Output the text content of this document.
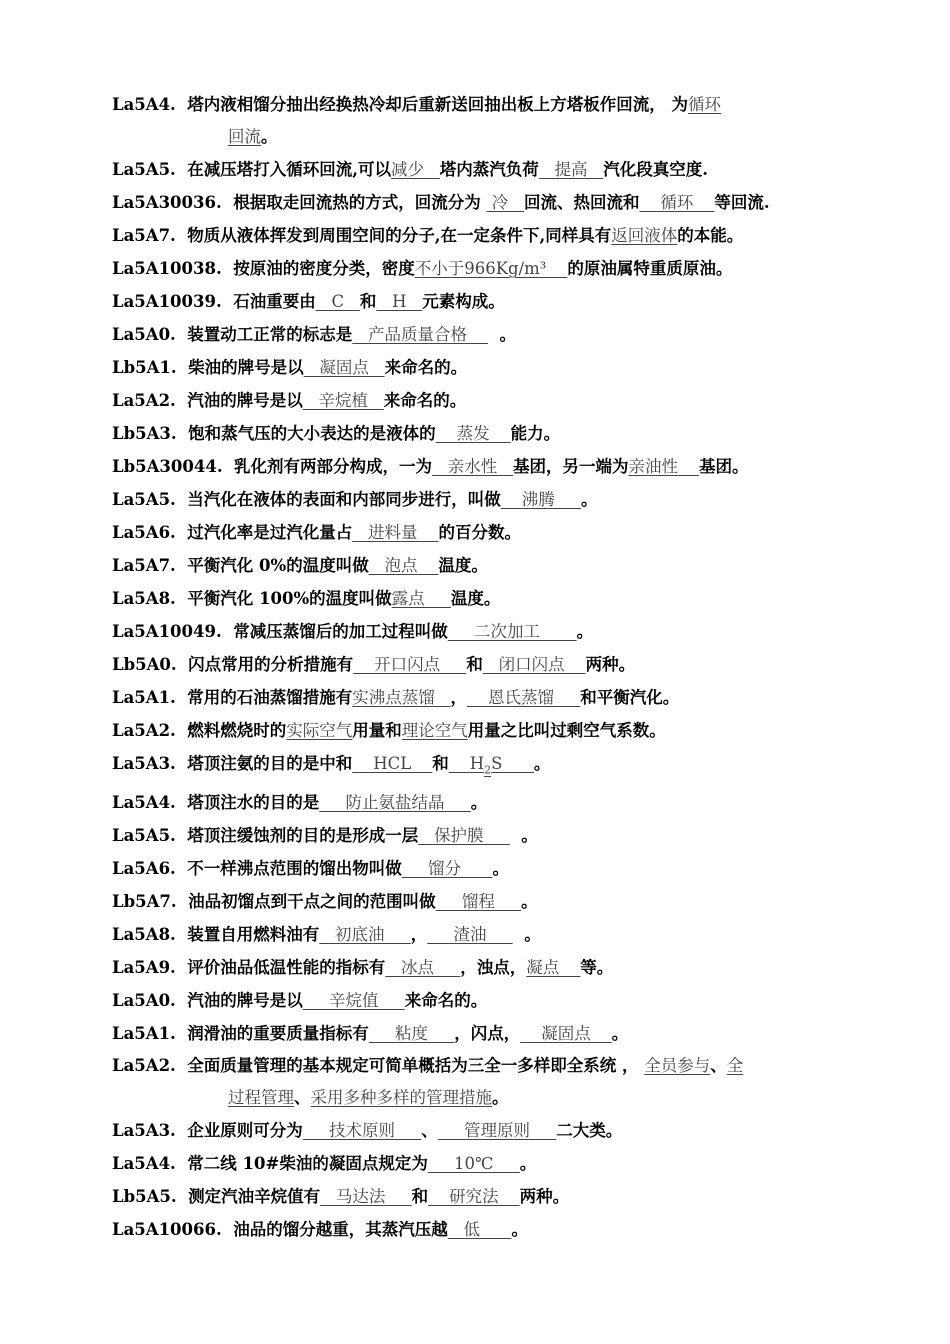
La5A4.  塔内液相馏分抽出经换热冷却后重新送回抽出板上方塔板作回流， 为循环
回流。
La5A5.  在减压塔打入循环回流,可以减少   塔内蒸汽负荷   提高   汽化段真空度.
La5A30036.  根据取走回流热的方式，回流分为  冷   回流、热回流和    循环    等回流.
La5A7.  物质从液体挥发到周围空间的分子,在一定条件下,同样具有返回液体的本能。
La5A10038.  按原油的密度分类，密度不小于966Kg/m³    的原油属特重质原油。
La5A10039.  石油重要由   C   和   H   元素构成。
La5A0.  装置动工正常的标志是   产品质量合格      。
Lb5A1.  柴油的牌号是以   凝固点   来命名的。
La5A2.  汽油的牌号是以   辛烷植   来命名的。
Lb5A3.  饱和蒸气压的大小表达的是液体的    蒸发    能力。
Lb5A30044.  乳化剂有两部分构成，一为   亲水性   基团，另一端为亲油性    基团。
La5A5.  当汽化在液体的表面和内部同步进行，叫做    沸腾     。
La5A6.  过汽化率是过汽化量占   进料量    的百分数。
La5A7.  平衡汽化 0%的温度叫做   泡点    温度。
La5A8.  平衡汽化 100%的温度叫做露点     温度。
La5A10049.  常减压蒸馏后的加工过程叫做     二次加工       。
Lb5A0.  闪点常用的分析措施有    开口闪点     和   闭口闪点    两种。
La5A1.  常用的石油蒸馏措施有实沸点蒸馏   ，    恩氏蒸馏     和平衡汽化。
La5A2.  燃料燃烧时的实际空气用量和理论空气用量之比叫过剩空气系数。
La5A3.  塔顶注氨的目的是中和    HCL    和    $H_2S$      。
La5A4.  塔顶注水的目的是     防止氨盐结晶     。
La5A5.  塔顶注缓蚀剂的目的是形成一层   保护膜       。
La5A6.  不一样沸点范围的馏出物叫做     馏分      。
Lb5A7.  油品初馏点到干点之间的范围叫做     馏程     。
La5A8.  装置自用燃料油有   初底油     ，     渣油       。
La5A9.  评价油品低温性能的指标有   冰点     ，浊点，凝点    等。
La5A0.  汽油的牌号是以     辛烷值     来命名的。
La5A1.  润滑油的重要质量指标有     粘度     ，闪点，    凝固点    。
La5A2.  全面质量管理的基本规定可简单概括为三全一多样即全系统 ， 全员参与、全
过程管理、采用多种多样的管理措施。
La5A3.  企业原则可分为     技术原则     、     管理原则     二大类。
La5A4.  常二线 10#柴油的凝固点规定为     10℃     。
Lb5A5.  测定汽油辛烷值有   马达法     和    研究法    两种。
La5A10066.  油品的馏分越重，其蒸汽压越   低      。
